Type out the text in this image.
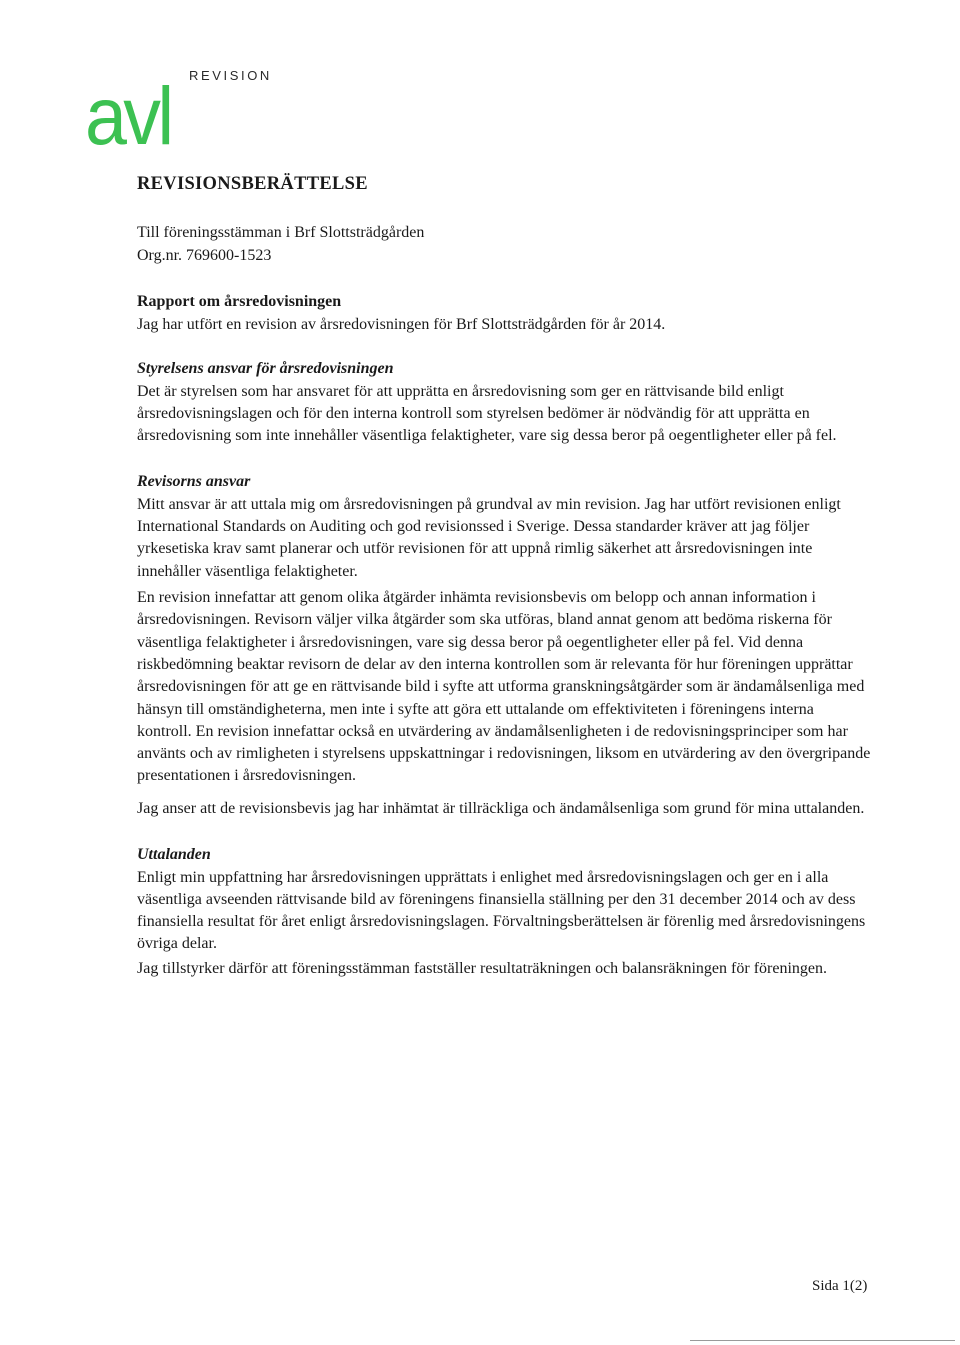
avl REVISION
REVISIONSBERÄTTELSE

Till föreningsstämman i Brf Slottsträdgården

Org.nr. 769600-1523

Rapport om årsredovisningen

Jag har utfört en revision av årsredovisningen för Brf Slottsträdgården för år 2014.

Styrelsens ansvar för årsredovisningen

Det är styrelsen som har ansvaret för att upprätta en årsredovisning som ger en rättvisande bild enligt årsredovisningslagen och för den interna kontroll som styrelsen bedömer är nödvändig för att upprätta en årsredovisning som inte innehåller väsentliga felaktigheter, vare sig dessa beror på oegentligheter eller på fel.

Revisorns ansvar

Mitt ansvar är att uttala mig om årsredovisningen på grundval av min revision. Jag har utfört revisionen enligt International Standards on Auditing och god revisionssed i Sverige. Dessa standarder kräver att jag följer yrkesetiska krav samt planerar och utför revisionen för att uppnå rimlig säkerhet att årsredovisningen inte innehåller väsentliga felaktigheter.

En revision innefattar att genom olika åtgärder inhämta revisionsbevis om belopp och annan information i årsredovisningen. Revisorn väljer vilka åtgärder som ska utföras, bland annat genom att bedöma riskerna för väsentliga felaktigheter i årsredovisningen, vare sig dessa beror på oegentligheter eller på fel. Vid denna riskbedömning beaktar revisorn de delar av den interna kontrollen som är relevanta för hur föreningen upprättar årsredovisningen för att ge en rättvisande bild i syfte att utforma granskningsåtgärder som är ändamålsenliga med hänsyn till omständigheterna, men inte i syfte att göra ett uttalande om effektiviteten i föreningens interna kontroll. En revision innefattar också en utvärdering av ändamålsenligheten i de redovisningsprinciper som har använts och av rimligheten i styrelsens uppskattningar i redovisningen, liksom en utvärdering av den övergripande presentationen i årsredovisningen.

Jag anser att de revisionsbevis jag har inhämtat är tillräckliga och ändamålsenliga som grund för mina uttalanden.

Uttalanden

Enligt min uppfattning har årsredovisningen upprättats i enlighet med årsredovisningslagen och ger en i alla väsentliga avseenden rättvisande bild av föreningens finansiella ställning per den 31 december 2014 och av dess finansiella resultat för året enligt årsredovisningslagen. Förvaltningsberättelsen är förenlig med årsredovisningens övriga delar.

Jag tillstyrker därför att föreningsstämman fastställer resultaträkningen och balansräkningen för föreningen.

Sida 1(2)
